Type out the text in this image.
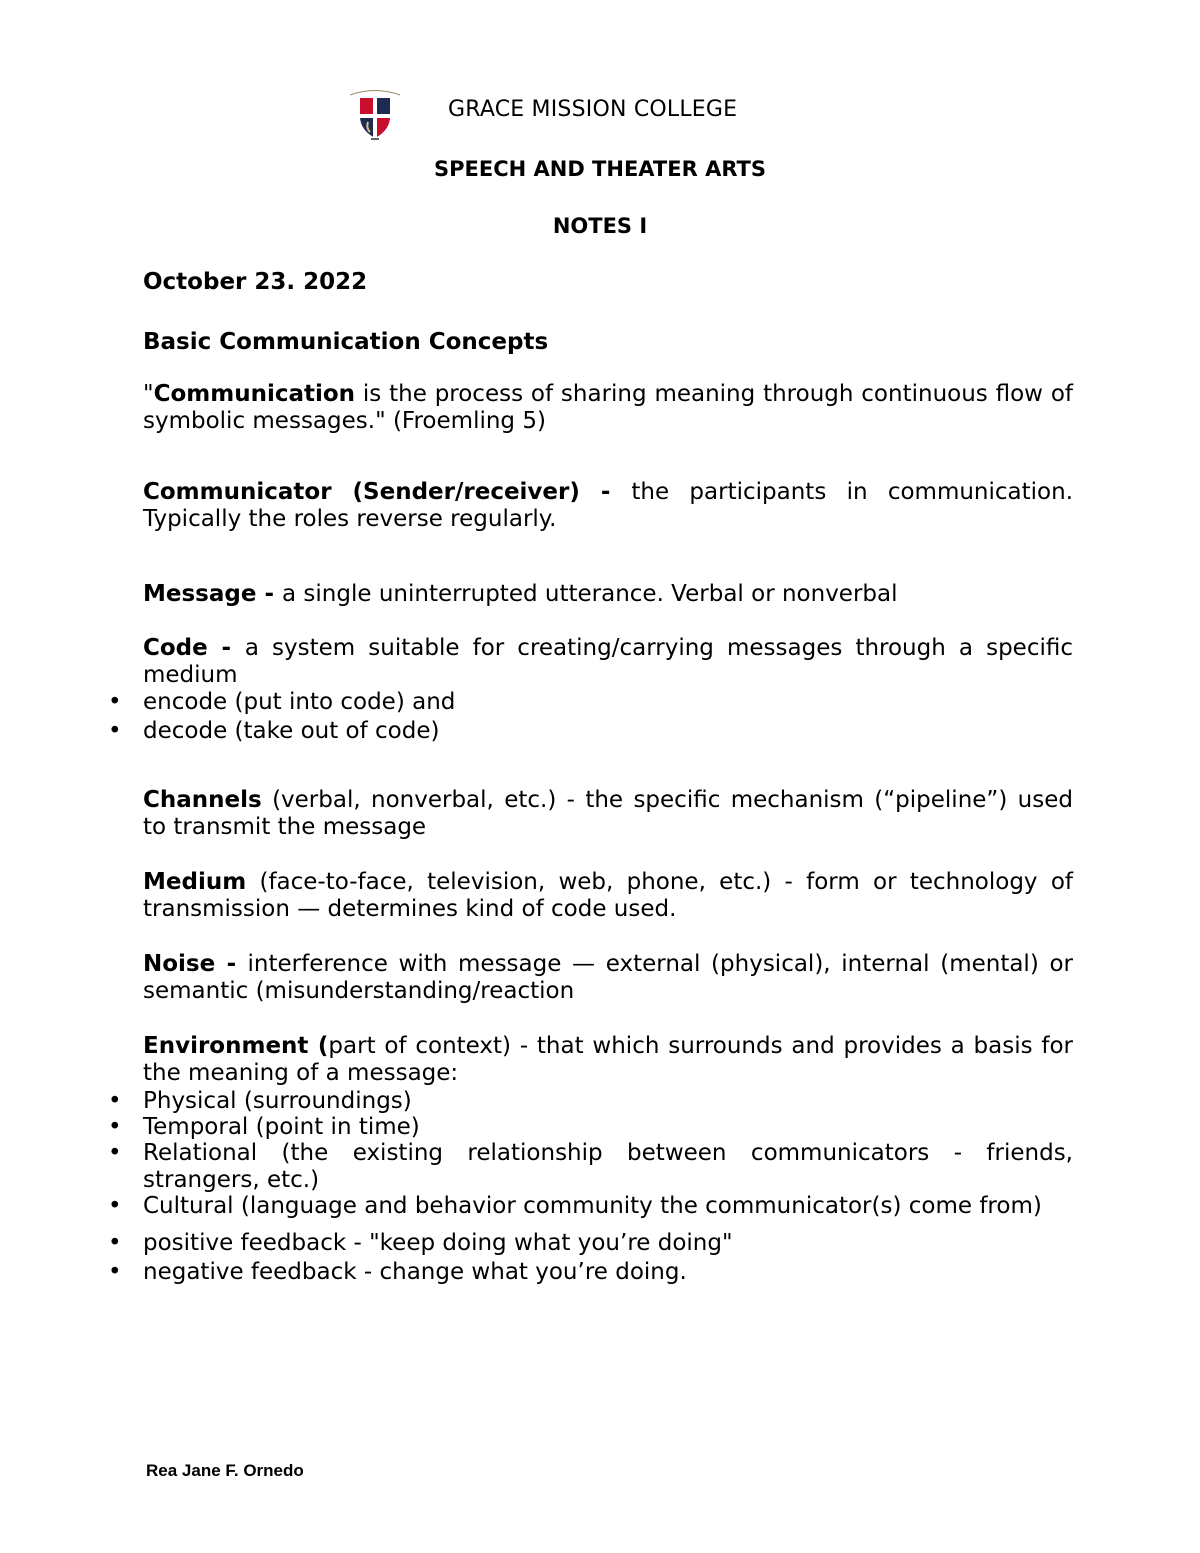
GRACE MISSION COLLEGE
SPEECH AND THEATER ARTS
NOTES I
October 23. 2022
Basic Communication Concepts
"Communication is the process of sharing meaning through continuous flow of symbolic messages." (Froemling 5)
Communicator (Sender/receiver) - the participants in communication. Typically the roles reverse regularly.
Message - a single uninterrupted utterance. Verbal or nonverbal
Code - a system suitable for creating/carrying messages through a specific medium
• encode (put into code) and
• decode (take out of code)
Channels (verbal, nonverbal, etc.) - the specific mechanism (“pipeline”) used to transmit the message
Medium (face-to-face, television, web, phone, etc.) - form or technology of transmission — determines kind of code used.
Noise - interference with message — external (physical), internal (mental) or semantic (misunderstanding/reaction
Environment (part of context) - that which surrounds and provides a basis for the meaning of a message:
• Physical (surroundings)
• Temporal (point in time)
• Relational (the existing relationship between communicators - friends, strangers, etc.)
• Cultural (language and behavior community the communicator(s) come from)
• positive feedback - "keep doing what you’re doing"
• negative feedback - change what you’re doing.
Rea Jane F. Ornedo
